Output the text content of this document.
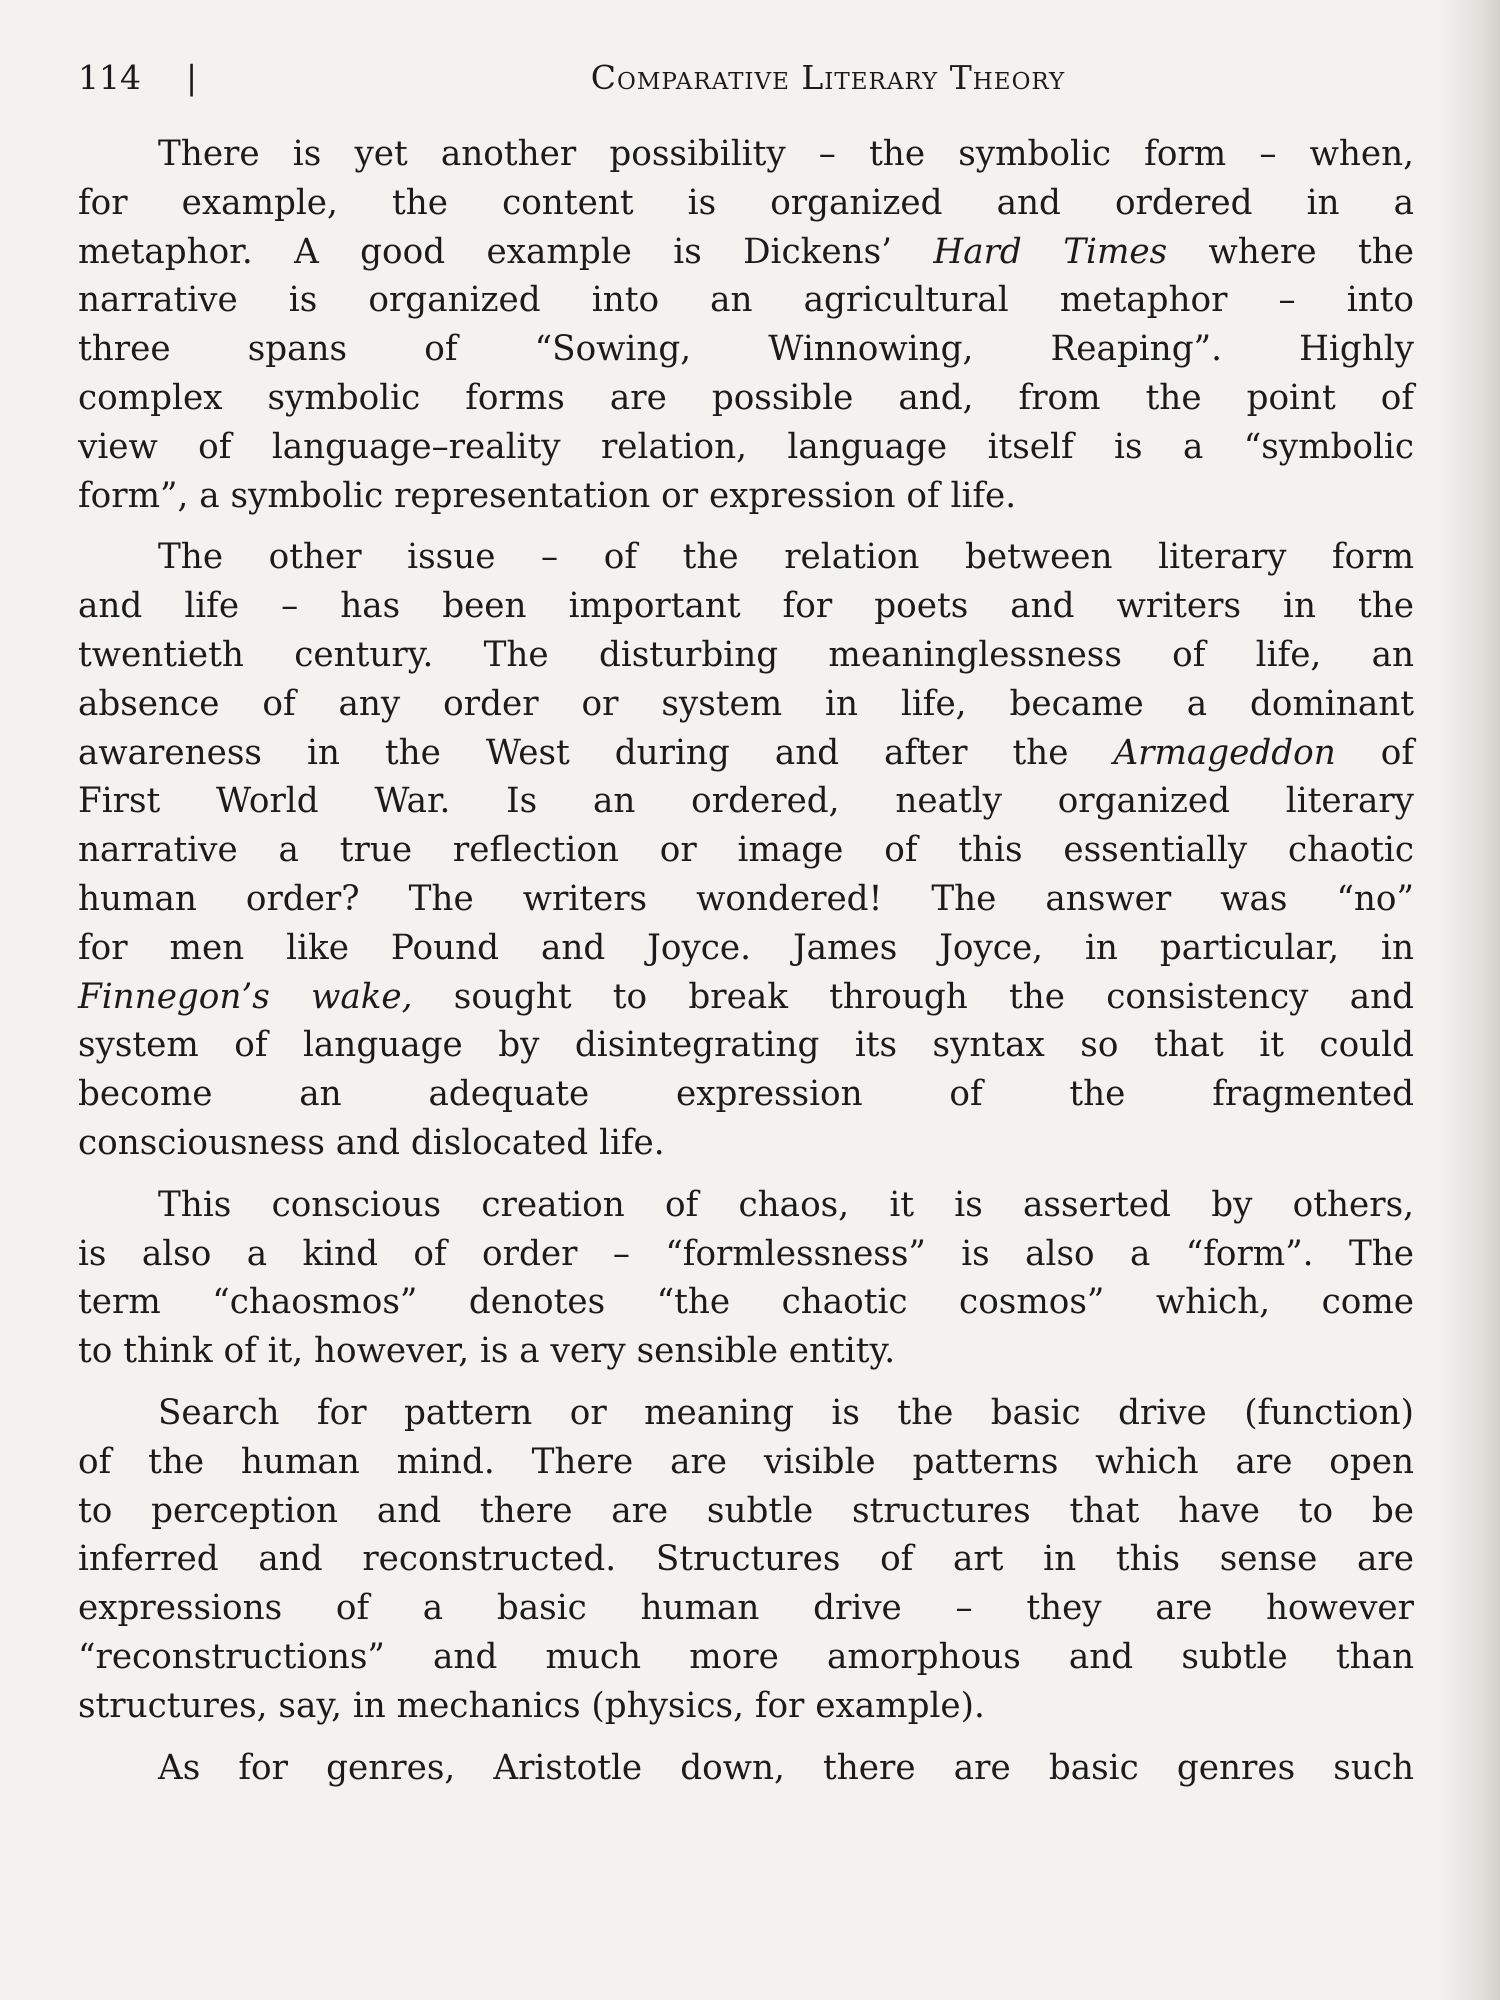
114 |	Comparative Literary Theory
There is yet another possibility – the symbolic form – when,
for example, the content is organized and ordered in a
metaphor. A good example is Dickens’ Hard Times where the
narrative is organized into an agricultural metaphor – into
three spans of “Sowing, Winnowing, Reaping”. Highly
complex symbolic forms are possible and, from the point of
view of language–reality relation, language itself is a “symbolic
form”, a symbolic representation or expression of life.
The other issue – of the relation between literary form
and life – has been important for poets and writers in the
twentieth century. The disturbing meaninglessness of life, an
absence of any order or system in life, became a dominant
awareness in the West during and after the Armageddon of
First World War. Is an ordered, neatly organized literary
narrative a true reflection or image of this essentially chaotic
human order? The writers wondered! The answer was “no”
for men like Pound and Joyce. James Joyce, in particular, in
Finnegon’s wake, sought to break through the consistency and
system of language by disintegrating its syntax so that it could
become an adequate expression of the fragmented
consciousness and dislocated life.
This conscious creation of chaos, it is asserted by others,
is also a kind of order – “formlessness” is also a “form”. The
term “chaosmos” denotes “the chaotic cosmos” which, come
to think of it, however, is a very sensible entity.
Search for pattern or meaning is the basic drive (function)
of the human mind. There are visible patterns which are open
to perception and there are subtle structures that have to be
inferred and reconstructed. Structures of art in this sense are
expressions of a basic human drive – they are however
“reconstructions” and much more amorphous and subtle than
structures, say, in mechanics (physics, for example).
As for genres, Aristotle down, there are basic genres such
